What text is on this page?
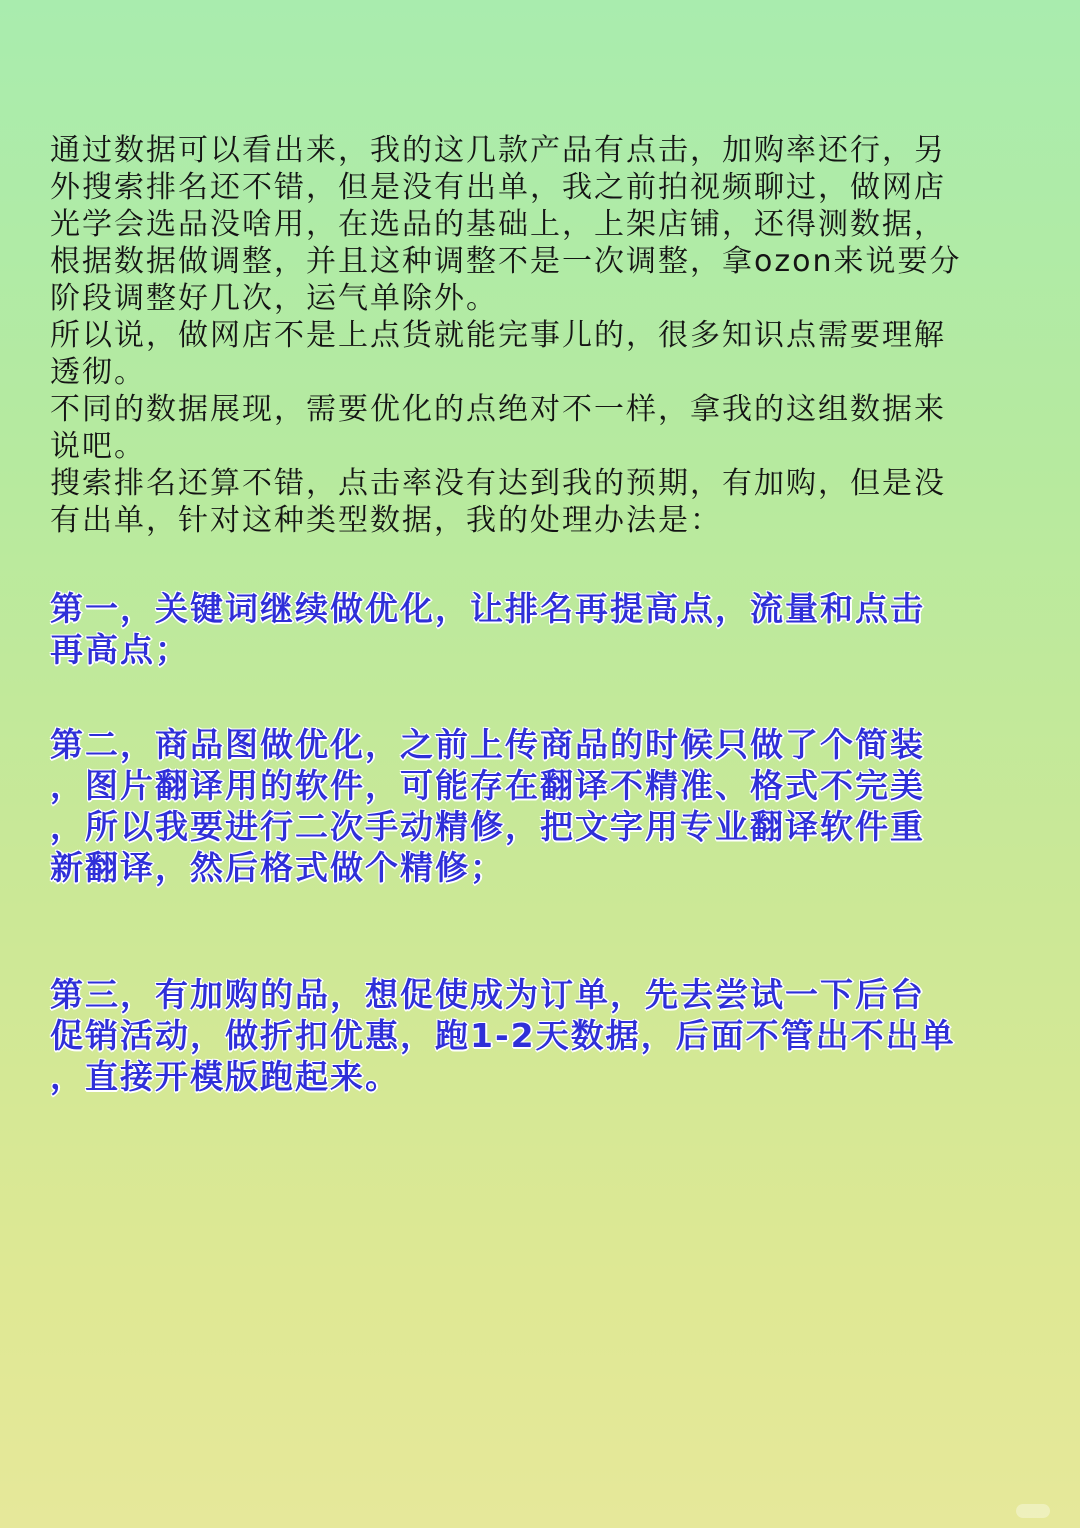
通过数据可以看出来，我的这几款产品有点击，加购率还行，另
外搜索排名还不错，但是没有出单，我之前拍视频聊过，做网店
光学会选品没啥用，在选品的基础上，上架店铺，还得测数据，
根据数据做调整，并且这种调整不是一次调整，拿ozon来说要分
阶段调整好几次，运气单除外。

所以说，做网店不是上点货就能完事儿的，很多知识点需要理解
透彻。

不同的数据展现，需要优化的点绝对不一样，拿我的这组数据来
说吧。

搜索排名还算不错，点击率没有达到我的预期，有加购，但是没
有出单，针对这种类型数据，我的处理办法是：

第一，关键词继续做优化，让排名再提高点，流量和点击
再高点；

第二，商品图做优化，之前上传商品的时候只做了个简装
，图片翻译用的软件，可能存在翻译不精准、格式不完美
，所以我要进行二次手动精修，把文字用专业翻译软件重
新翻译，然后格式做个精修；

第三，有加购的品，想促使成为订单，先去尝试一下后台
促销活动，做折扣优惠，跑1-2天数据，后面不管出不出单
，直接开模版跑起来。
